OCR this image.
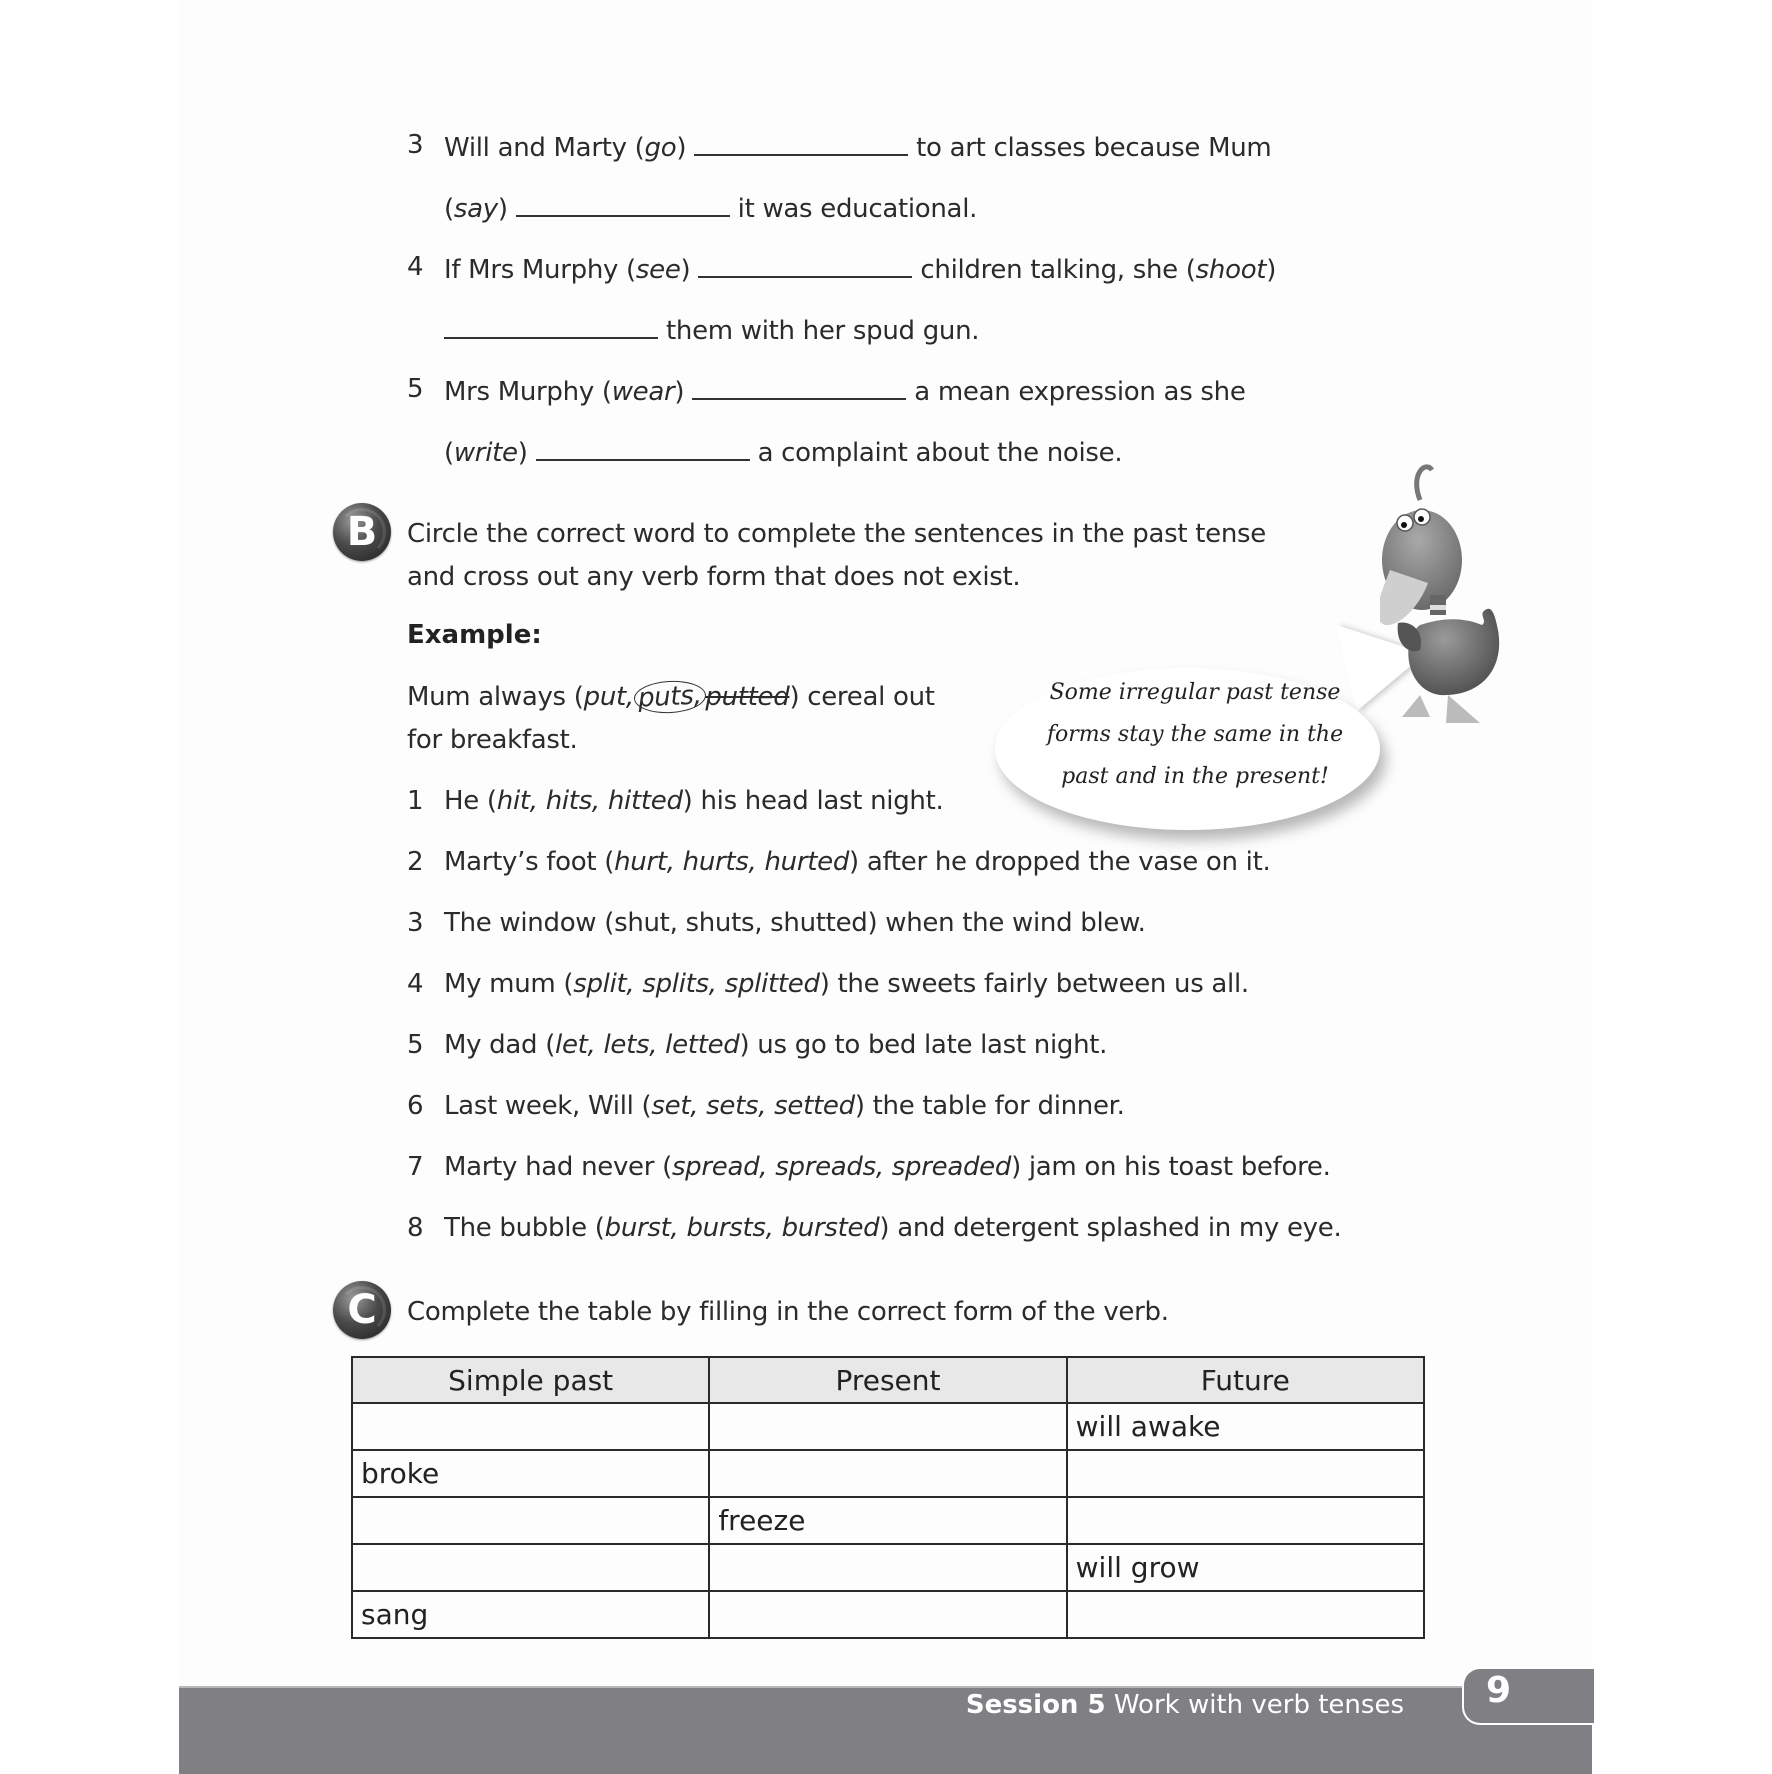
3 Will and Marty (go)	to art classes because Mum
(say)	it was educational.
4 If Mrs Murphy (see)	children talking, she (shoot)
them with her spud gun.
5 Mrs Murphy (wear)	a mean expression as she
(write)	a complaint about the noise.
B	Circle the correct word to complete the sentences in the past tense
and cross out any verb form that does not exist.
Example:
Mum always (put, puts, putted) cereal out
for breakfast.
1 He (hit, hits, hitted) his head last night.
2 Marty’s foot (hurt, hurts, hurted) after he dropped the vase on it.
3 The window (shut, shuts, shutted) when the wind blew.
4 My mum (split, splits, splitted) the sweets fairly between us all.
5 My dad (let, lets, letted) us go to bed late last night.
6 Last week, Will (set, sets, setted) the table for dinner.
7 Marty had never (spread, spreads, spreaded) jam on his toast before.
8 The bubble (burst, bursts, bursted) and detergent splashed in my eye.
Some irregular past tense
forms stay the same in the
past and in the present!
C	Complete the table by filling in the correct form of the verb.
Simple past	Present	Future
		will awake
broke		
	freeze	
		will grow
sang		
Session 5 Work with verb tenses 9
